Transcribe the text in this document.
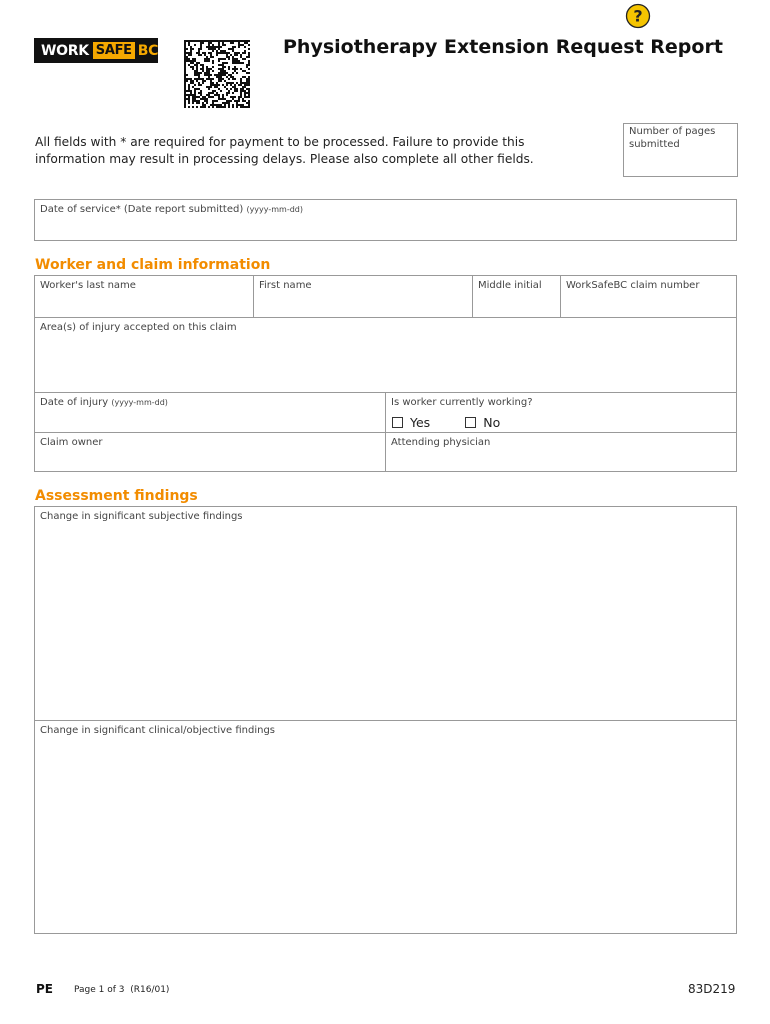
WORK SAFE BC
?
Physiotherapy Extension Request Report
All fields with * are required for payment to be processed. Failure to provide this information may result in processing delays. Please also complete all other fields.
Number of pages submitted
Date of service* (Date report submitted) (yyyy-mm-dd)
Worker and claim information
Worker's last name	First name	Middle initial	WorkSafeBC claim number
Area(s) of injury accepted on this claim
Date of injury (yyyy-mm-dd)	Is worker currently working?
Yes	No
Claim owner	Attending physician
Assessment findings
Change in significant subjective findings
Change in significant clinical/objective findings
PE Page 1 of 3 (R16/01)	83D219
